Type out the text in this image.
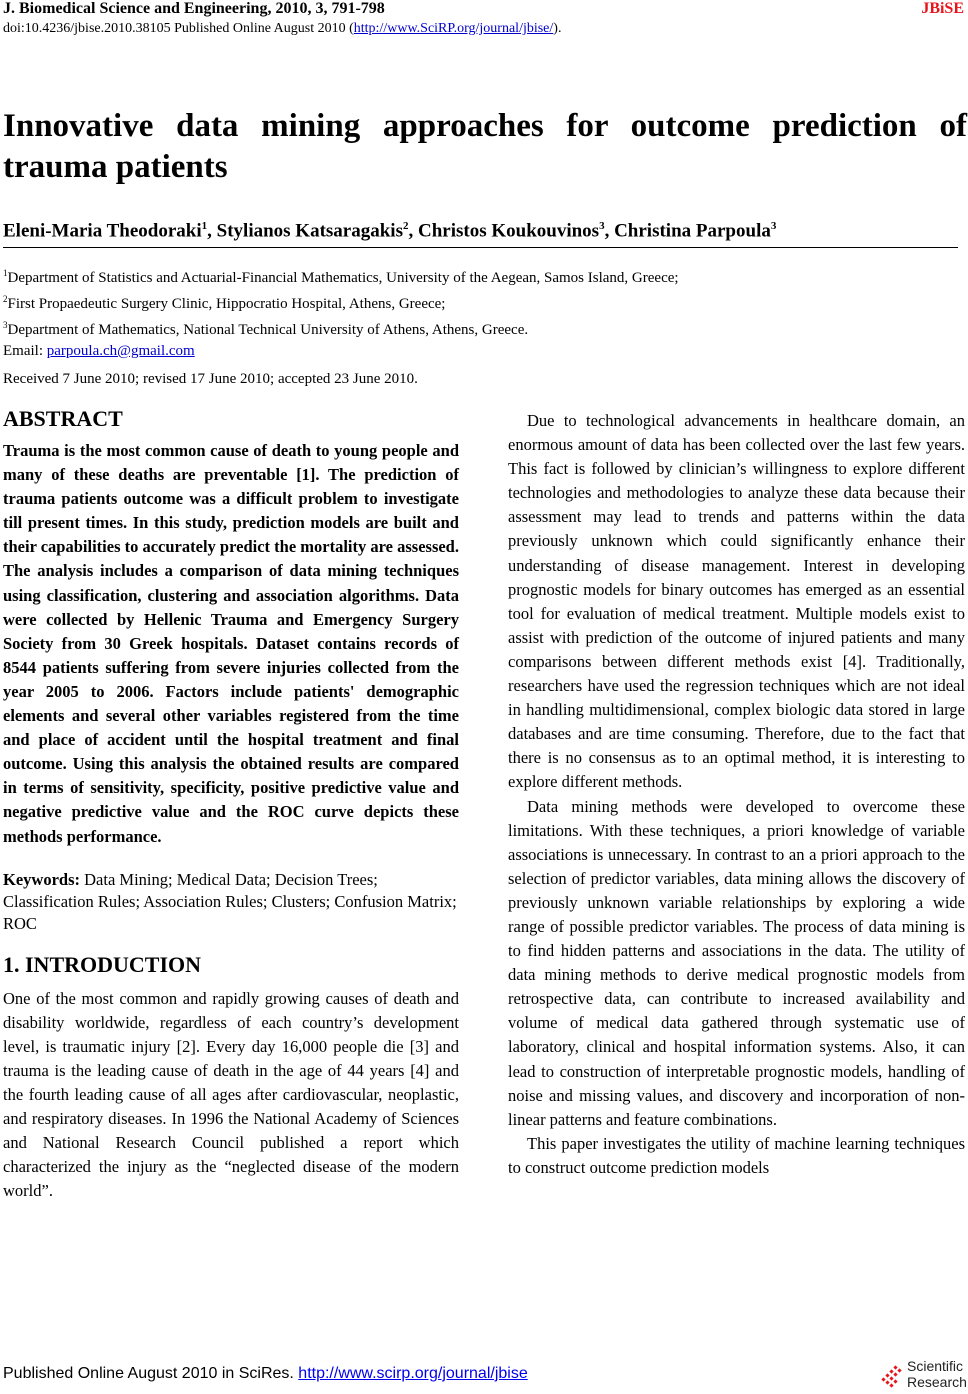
J. Biomedical Science and Engineering, 2010, 3, 791-798	JBiSE
doi:10.4236/jbise.2010.38105 Published Online August 2010 (http://www.SciRP.org/journal/jbise/).
Innovative data mining approaches for outcome prediction of trauma patients
Eleni-Maria Theodoraki$^1$, Stylianos Katsaragakis$^2$, Christos Koukouvinos$^3$, Christina Parpoula$^3$
$^1$Department of Statistics and Actuarial-Financial Mathematics, University of the Aegean, Samos Island, Greece;
$^2$First Propaedeutic Surgery Clinic, Hippocratio Hospital, Athens, Greece;
$^3$Department of Mathematics, National Technical University of Athens, Athens, Greece.
Email: parpoula.ch@gmail.com
Received 7 June 2010; revised 17 June 2010; accepted 23 June 2010.
ABSTRACT

Trauma is the most common cause of death to young people and many of these deaths are preventable [1]. The prediction of trauma patients outcome was a difficult problem to investigate till present times. In this study, prediction models are built and their capabilities to accurately predict the mortality are assessed. The analysis includes a comparison of data mining techniques using classification, clustering and association algorithms. Data were collected by Hellenic Trauma and Emergency Surgery Society from 30 Greek hospitals. Dataset contains records of 8544 patients suffering from severe injuries collected from the year 2005 to 2006. Factors include patients' demographic elements and several other variables registered from the time and place of accident until the hospital treatment and final outcome. Using this analysis the obtained results are compared in terms of sensitivity, specificity, positive predictive value and negative predictive value and the ROC curve depicts these methods performance.

Keywords: Data Mining; Medical Data; Decision Trees; Classification Rules; Association Rules; Clusters; Confusion Matrix; ROC

1. INTRODUCTION

One of the most common and rapidly growing causes of death and disability worldwide, regardless of each country’s development level, is traumatic injury [2]. Every day 16,000 people die [3] and trauma is the leading cause of death in the age of 44 years [4] and the fourth leading cause of all ages after cardiovascular, neoplastic, and respiratory diseases. In 1996 the National Academy of Sciences and National Research Council published a report which characterized the injury as the “neglected disease of the modern world”.

Due to technological advancements in healthcare domain, an enormous amount of data has been collected over the last few years. This fact is followed by clinician’s willingness to explore different technologies and methodologies to analyze these data because their assessment may lead to trends and patterns within the data previously unknown which could significantly enhance their understanding of disease management. Interest in developing prognostic models for binary outcomes has emerged as an essential tool for evaluation of medical treatment. Multiple models exist to assist with prediction of the outcome of injured patients and many comparisons between different methods exist [4]. Traditionally, researchers have used the regression techniques which are not ideal in handling multidimensional, complex biologic data stored in large databases and are time consuming. Therefore, due to the fact that there is no consensus as to an optimal method, it is interesting to explore different methods.

Data mining methods were developed to overcome these limitations. With these techniques, a priori knowledge of variable associations is unnecessary. In contrast to an a priori approach to the selection of predictor variables, data mining allows the discovery of previously unknown variable relationships by exploring a wide range of possible predictor variables. The process of data mining is to find hidden patterns and associations in the data. The utility of data mining methods to derive medical prognostic models from retrospective data, can contribute to increased availability and volume of medical data gathered through systematic use of laboratory, clinical and hospital information systems. Also, it can lead to construction of interpretable prognostic models, handling of noise and missing values, and discovery and incorporation of non-linear patterns and feature combinations.

This paper investigates the utility of machine learning techniques to construct outcome prediction models

Published Online August 2010 in SciRes. http://www.scirp.org/journal/jbise	Scientific
Research
